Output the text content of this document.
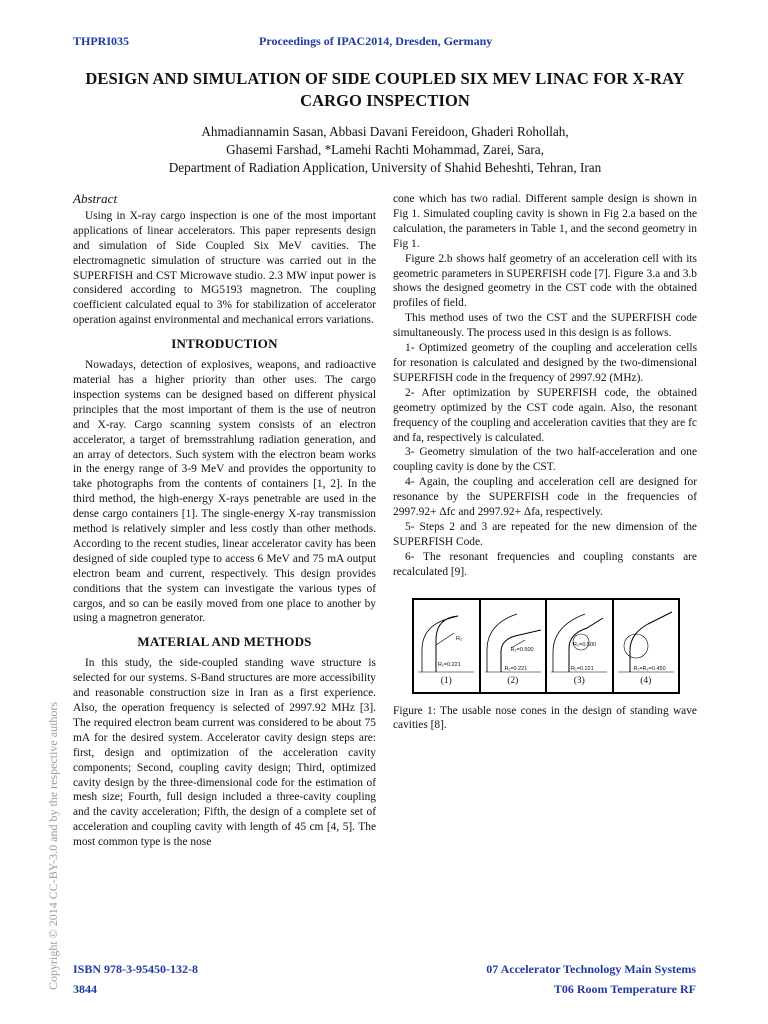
THPRI035	Proceedings of IPAC2014, Dresden, Germany
DESIGN AND SIMULATION OF SIDE COUPLED SIX MEV LINAC FOR X-RAY CARGO INSPECTION
Ahmadiannamin Sasan, Abbasi Davani Fereidoon, Ghaderi Rohollah,
Ghasemi Farshad, *Lamehi Rachti Mohammad, Zarei, Sara,
Department of Radiation Application, University of Shahid Beheshti, Tehran, Iran
Abstract

Using in X-ray cargo inspection is one of the most important applications of linear accelerators. This paper represents design and simulation of Side Coupled Six MeV cavities. The electromagnetic simulation of structure was carried out in the SUPERFISH and CST Microwave studio. 2.3 MW input power is considered according to MG5193 magnetron. The coupling coefficient calculated equal to 3% for stabilization of accelerator operation against environmental and mechanical errors variations.

INTRODUCTION

Nowadays, detection of explosives, weapons, and radioactive material has a higher priority than other uses. The cargo inspection systems can be designed based on different physical principles that the most important of them is the use of neutron and X-ray. Cargo scanning system consists of an electron accelerator, a target of bremsstrahlung radiation generation, and an array of detectors. Such system with the electron beam works in the energy range of 3-9 MeV and provides the opportunity to take photographs from the contents of containers [1, 2]. In the third method, the high-energy X-rays penetrable are used in the dense cargo containers [1]. The single-energy X-ray transmission method is relatively simpler and less costly than other methods. According to the recent studies, linear accelerator cavity has been designed of side coupled type to access 6 MeV and 75 mA output electron beam and current, respectively. This design provides conditions that the system can investigate the various types of cargos, and so can be easily moved from one place to another by using a magnetron generator.

MATERIAL AND METHODS

In this study, the side-coupled standing wave structure is selected for our systems. S-Band structures are more accessibility and reasonable construction size in Iran as a first experience. Also, the operation frequency is selected of 2997.92 MHz [3]. The required electron beam current was considered to be about 75 mA for the desired system. Accelerator cavity design steps are: first, design and optimization of the acceleration cavity components; Second, coupling cavity design; Third, optimized cavity design by the three-dimensional code for the estimation of mesh size; Fourth, full design included a three-cavity coupling and the cavity acceleration; Fifth, the design of a complete set of acceleration and coupling cavity with length of 45 cm [4, 5]. The most common type is the nose

cone which has two radial. Different sample design is shown in Fig 1. Simulated coupling cavity is shown in Fig 2.a based on the calculation, the parameters in Table 1, and the second geometry in Fig 1.

Figure 2.b shows half geometry of an acceleration cell with its geometric parameters in SUPERFISH code [7]. Figure 3.a and 3.b shows the designed geometry in the CST code with the obtained profiles of field.

This method uses of two the CST and the SUPERFISH code simultaneously. The process used in this design is as follows.

1- Optimized geometry of the coupling and acceleration cells for resonation is calculated and designed by the two-dimensional SUPERFISH code in the frequency of 2997.92 (MHz).

2- After optimization by SUPERFISH code, the obtained geometry optimized by the CST code again. Also, the resonant frequency of the coupling and acceleration cavities that they are fc and fa, respectively is calculated.

3- Geometry simulation of the two half-acceleration and one coupling cavity is done by the CST.

4- Again, the coupling and acceleration cell are designed for resonance by the SUPERFISH code in the frequencies of 2997.92+ Δfc and 2997.92+ Δfa, respectively.

5- Steps 2 and 3 are repeated for the new dimension of the SUPERFISH Code.

6- The resonant frequencies and coupling constants are recalculated [9].

R₁=0.221
R₂
(1)
R₁=0.221
R₂=0.500
(2)
R₁=0.221
R₂=0.500
(3)
R₁=R₂=0.450
(4)
Figure 1: The usable nose cones in the design of standing wave cavities [8].
ISBN 978-3-95450-132-8
3844
07 Accelerator Technology Main Systems
T06 Room Temperature RF
Copyright © 2014 CC-BY-3.0 and by the respective authors
